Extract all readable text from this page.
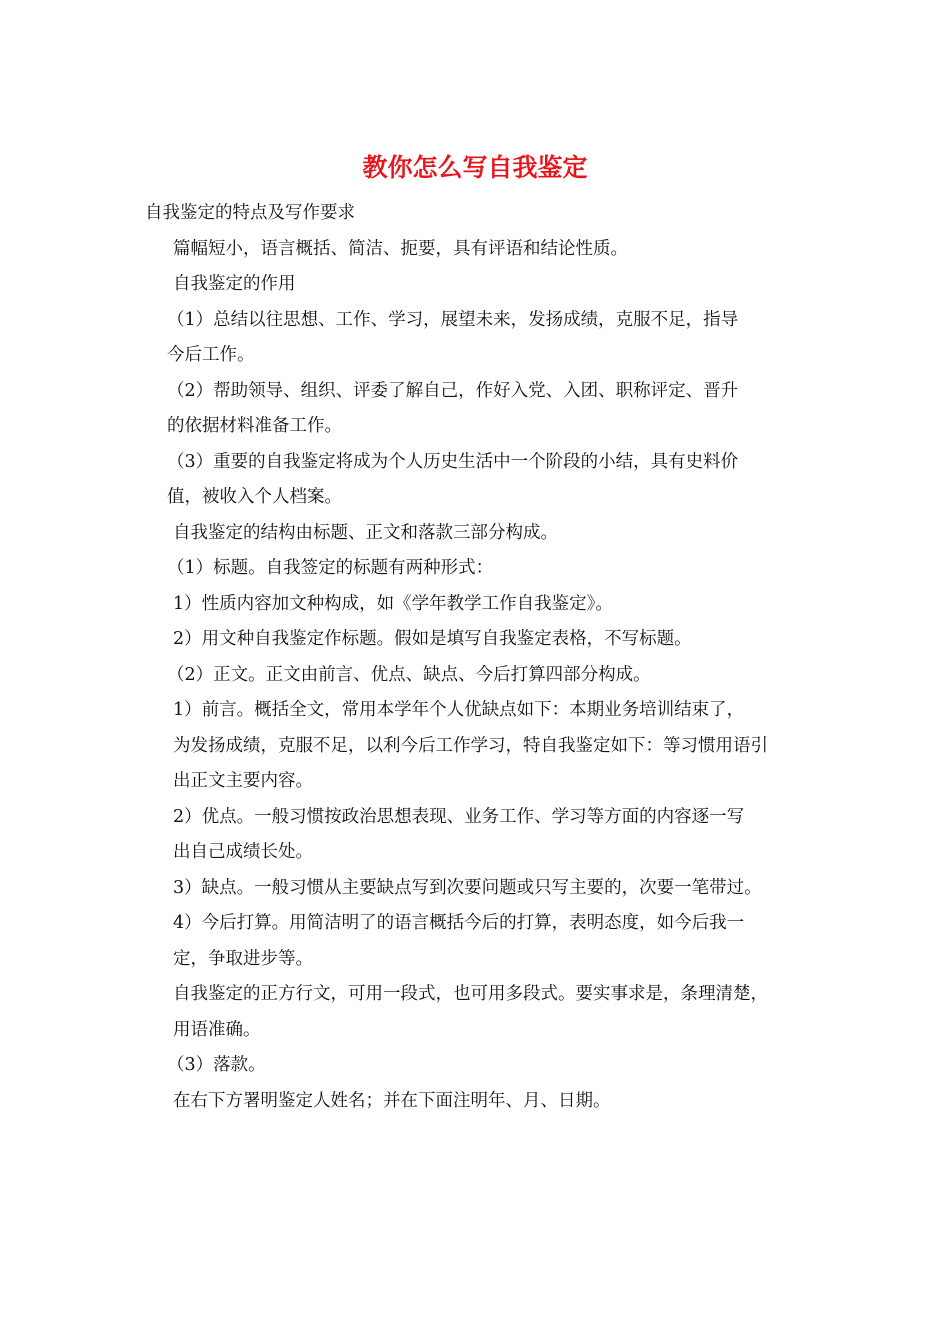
教你怎么写自我鉴定

自我鉴定的特点及写作要求

篇幅短小，语言概括、简洁、扼要，具有评语和结论性质。

自我鉴定的作用

（1）总结以往思想、工作、学习，展望未来，发扬成绩，克服不足，指导
今后工作。

（2）帮助领导、组织、评委了解自己，作好入党、入团、职称评定、晋升
的依据材料准备工作。

（3）重要的自我鉴定将成为个人历史生活中一个阶段的小结，具有史料价
值，被收入个人档案。

自我鉴定的结构由标题、正文和落款三部分构成。

（1）标题。自我签定的标题有两种形式：

1）性质内容加文种构成，如《学年教学工作自我鉴定》。

2）用文种自我鉴定作标题。假如是填写自我鉴定表格，不写标题。

（2）正文。正文由前言、优点、缺点、今后打算四部分构成。

1）前言。概括全文，常用本学年个人优缺点如下：本期业务培训结束了，
为发扬成绩，克服不足，以利今后工作学习，特自我鉴定如下：等习惯用语引
出正文主要内容。

2）优点。一般习惯按政治思想表现、业务工作、学习等方面的内容逐一写
出自己成绩长处。

3）缺点。一般习惯从主要缺点写到次要问题或只写主要的，次要一笔带过。

4）今后打算。用简洁明了的语言概括今后的打算，表明态度，如今后我一
定，争取进步等。

自我鉴定的正方行文，可用一段式，也可用多段式。要实事求是，条理清楚，
用语准确。

（3）落款。

在右下方署明鉴定人姓名；并在下面注明年、月、日期。
